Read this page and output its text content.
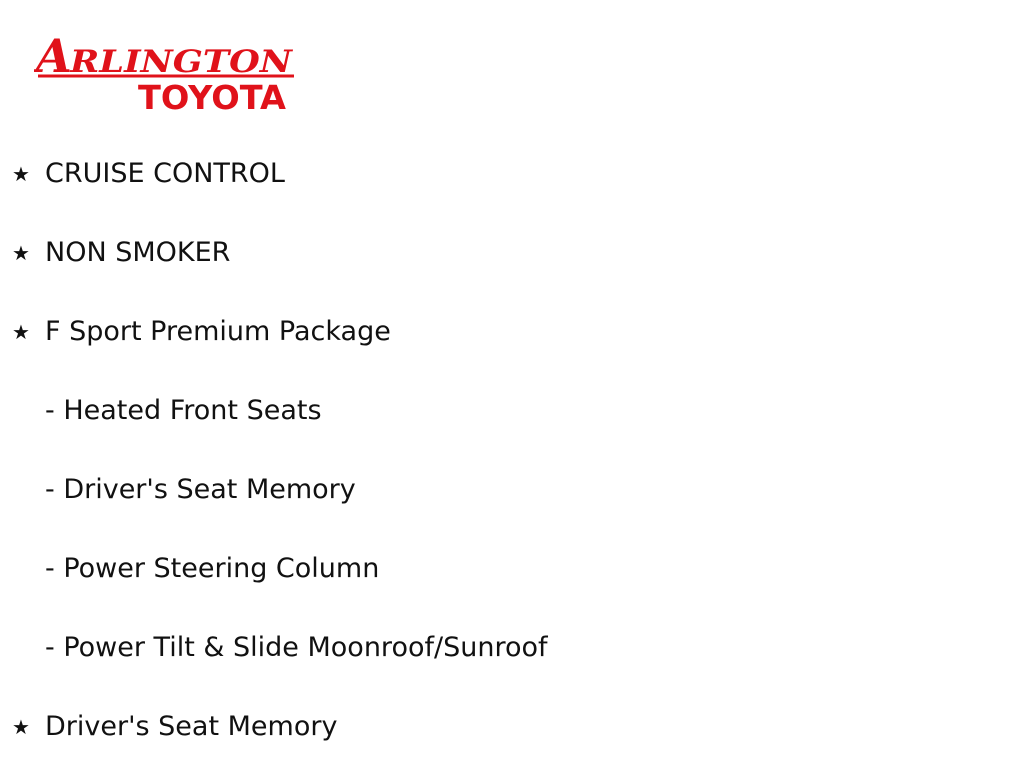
A
RLINGTON
TOYOTA
★ CRUISE CONTROL
★ NON SMOKER
★ F Sport Premium Package
- Heated Front Seats
- Driver's Seat Memory
- Power Steering Column
- Power Tilt & Slide Moonroof/Sunroof
★ Driver's Seat Memory
